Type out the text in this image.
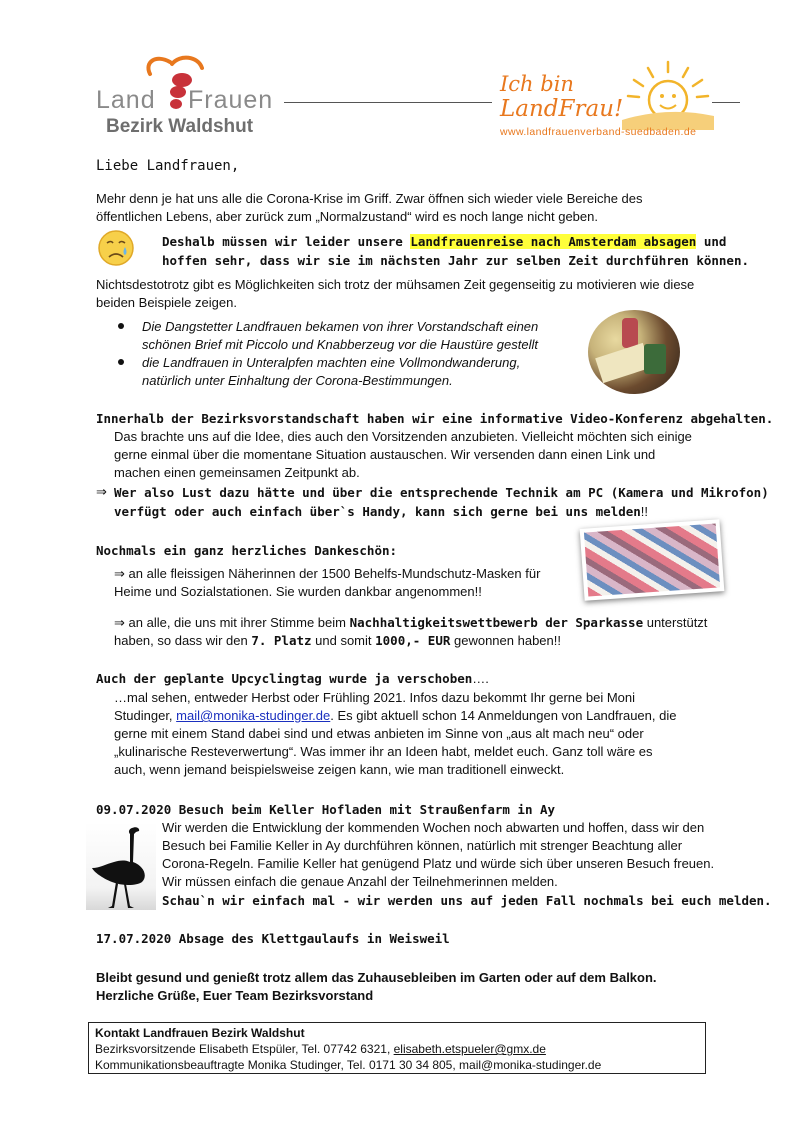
Land Frauen
Bezirk Waldshut
Ich bin
LandFrau!
www.landfrauenverband-suedbaden.de
Liebe Landfrauen,
Mehr denn je hat uns alle die Corona-Krise im Griff. Zwar öffnen sich wieder viele Bereiche des
öffentlichen Lebens, aber zurück zum „Normalzustand“ wird es noch lange nicht geben.
Deshalb müssen wir leider unsere Landfrauenreise nach Amsterdam absagen und
hoffen sehr, dass wir sie im nächsten Jahr zur selben Zeit durchführen können.
Nichtsdestotrotz gibt es Möglichkeiten sich trotz der mühsamen Zeit gegenseitig zu motivieren wie diese
beiden Beispiele zeigen.
Die Dangstetter Landfrauen bekamen von ihrer Vorstandschaft einen
schönen Brief mit Piccolo und Knabberzeug vor die Haustüre gestellt
die Landfrauen in Unteralpfen machten eine Vollmondwanderung,
natürlich unter Einhaltung der Corona-Bestimmungen.
Innerhalb der Bezirksvorstandschaft haben wir eine informative Video-Konferenz abgehalten.
Das brachte uns auf die Idee, dies auch den Vorsitzenden anzubieten. Vielleicht möchten sich einige
gerne einmal über die momentane Situation austauschen. Wir versenden dann einen Link und
machen einen gemeinsamen Zeitpunkt ab.
⇒ Wer also Lust dazu hätte und über die entsprechende Technik am PC (Kamera und Mikrofon)
verfügt oder auch einfach über`s Handy, kann sich gerne bei uns melden!!
Nochmals ein ganz herzliches Dankeschön:
⇒ an alle fleissigen Näherinnen der 1500 Behelfs-Mundschutz-Masken für
Heime und Sozialstationen. Sie wurden dankbar angenommen!!
⇒ an alle, die uns mit ihrer Stimme beim Nachhaltigkeitswettbewerb der Sparkasse unterstützt
haben, so dass wir den 7. Platz und somit 1000,- EUR gewonnen haben!!
Auch der geplante Upcyclingtag wurde ja verschoben….
…mal sehen, entweder Herbst oder Frühling 2021. Infos dazu bekommt Ihr gerne bei Moni
Studinger, mail@monika-studinger.de. Es gibt aktuell schon 14 Anmeldungen von Landfrauen, die
gerne mit einem Stand dabei sind und etwas anbieten im Sinne von „aus alt mach neu“ oder
„kulinarische Resteverwertung“. Was immer ihr an Ideen habt, meldet euch. Ganz toll wäre es
auch, wenn jemand beispielsweise zeigen kann, wie man traditionell einweckt.
09.07.2020 Besuch beim Keller Hofladen mit Straußenfarm in Ay
Wir werden die Entwicklung der kommenden Wochen noch abwarten und hoffen, dass wir den
Besuch bei Familie Keller in Ay durchführen können, natürlich mit strenger Beachtung aller
Corona-Regeln. Familie Keller hat genügend Platz und würde sich über unseren Besuch freuen.
Wir müssen einfach die genaue Anzahl der Teilnehmerinnen melden.
Schau`n wir einfach mal - wir werden uns auf jeden Fall nochmals bei euch melden.
17.07.2020 Absage des Klettgaulaufs in Weisweil
Bleibt gesund und genießt trotz allem das Zuhausebleiben im Garten oder auf dem Balkon.
Herzliche Grüße, Euer Team Bezirksvorstand
Kontakt Landfrauen Bezirk Waldshut
Bezirksvorsitzende Elisabeth Etspüler, Tel. 07742 6321, elisabeth.etspueler@gmx.de
Kommunikationsbeauftragte Monika Studinger, Tel. 0171 30 34 805, mail@monika-studinger.de
